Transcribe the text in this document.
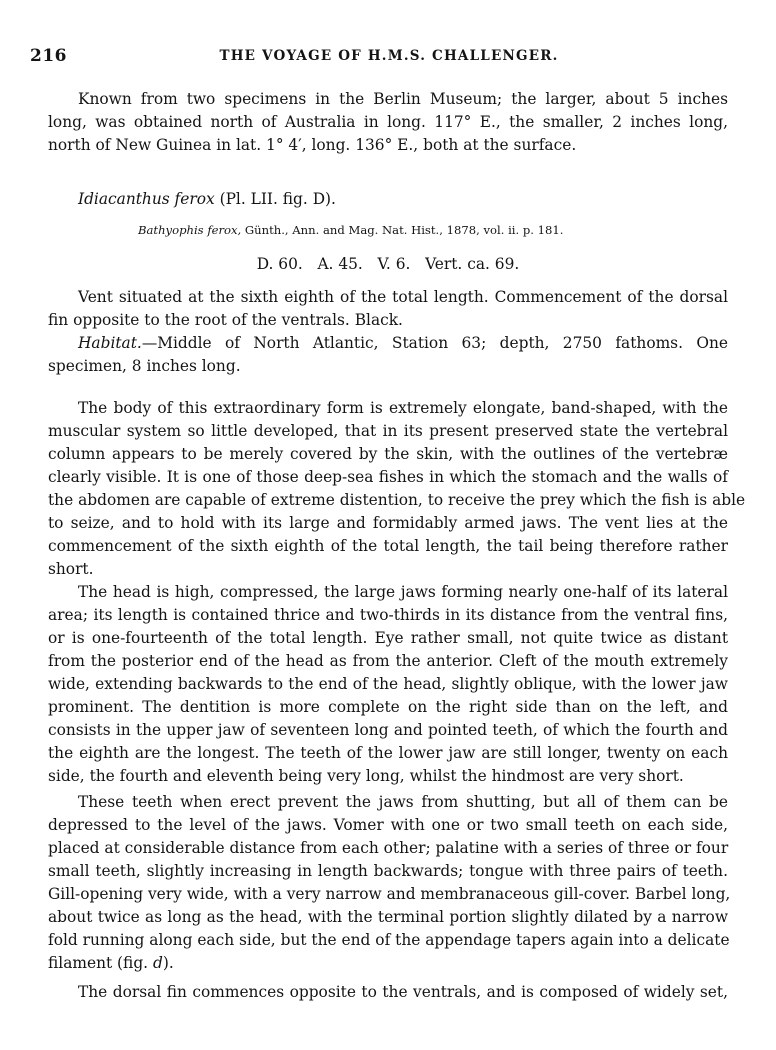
216	THE VOYAGE OF H.M.S. CHALLENGER.

Known from two specimens in the Berlin Museum; the larger, about 5 inches

long, was obtained north of Australia in long. 117° E., the smaller, 2 inches long,

north of New Guinea in lat. 1° 4′, long. 136° E., both at the surface.

Idiacanthus ferox (Pl. LII. fig. D).

Bathyophis ferox, Günth., Ann. and Mag. Nat. Hist., 1878, vol. ii. p. 181.

D. 60.   A. 45.   V. 6.   Vert. ca. 69.

Vent situated at the sixth eighth of the total length. Commencement of the dorsal

fin opposite to the root of the ventrals. Black.

Habitat.—Middle of North Atlantic, Station 63; depth, 2750 fathoms. One

specimen, 8 inches long.

The body of this extraordinary form is extremely elongate, band-shaped, with the

muscular system so little developed, that in its present preserved state the vertebral

column appears to be merely covered by the skin, with the outlines of the vertebræ

clearly visible. It is one of those deep-sea fishes in which the stomach and the walls of

the abdomen are capable of extreme distention, to receive the prey which the fish is able

to seize, and to hold with its large and formidably armed jaws. The vent lies at the

commencement of the sixth eighth of the total length, the tail being therefore rather

short.

The head is high, compressed, the large jaws forming nearly one-half of its lateral

area; its length is contained thrice and two-thirds in its distance from the ventral fins,

or is one-fourteenth of the total length. Eye rather small, not quite twice as distant

from the posterior end of the head as from the anterior. Cleft of the mouth extremely

wide, extending backwards to the end of the head, slightly oblique, with the lower jaw

prominent. The dentition is more complete on the right side than on the left, and

consists in the upper jaw of seventeen long and pointed teeth, of which the fourth and

the eighth are the longest. The teeth of the lower jaw are still longer, twenty on each

side, the fourth and eleventh being very long, whilst the hindmost are very short.

These teeth when erect prevent the jaws from shutting, but all of them can be

depressed to the level of the jaws. Vomer with one or two small teeth on each side,

placed at considerable distance from each other; palatine with a series of three or four

small teeth, slightly increasing in length backwards; tongue with three pairs of teeth.

Gill-opening very wide, with a very narrow and membranaceous gill-cover. Barbel long,

about twice as long as the head, with the terminal portion slightly dilated by a narrow

fold running along each side, but the end of the appendage tapers again into a delicate

filament (fig. d).

The dorsal fin commences opposite to the ventrals, and is composed of widely set,
